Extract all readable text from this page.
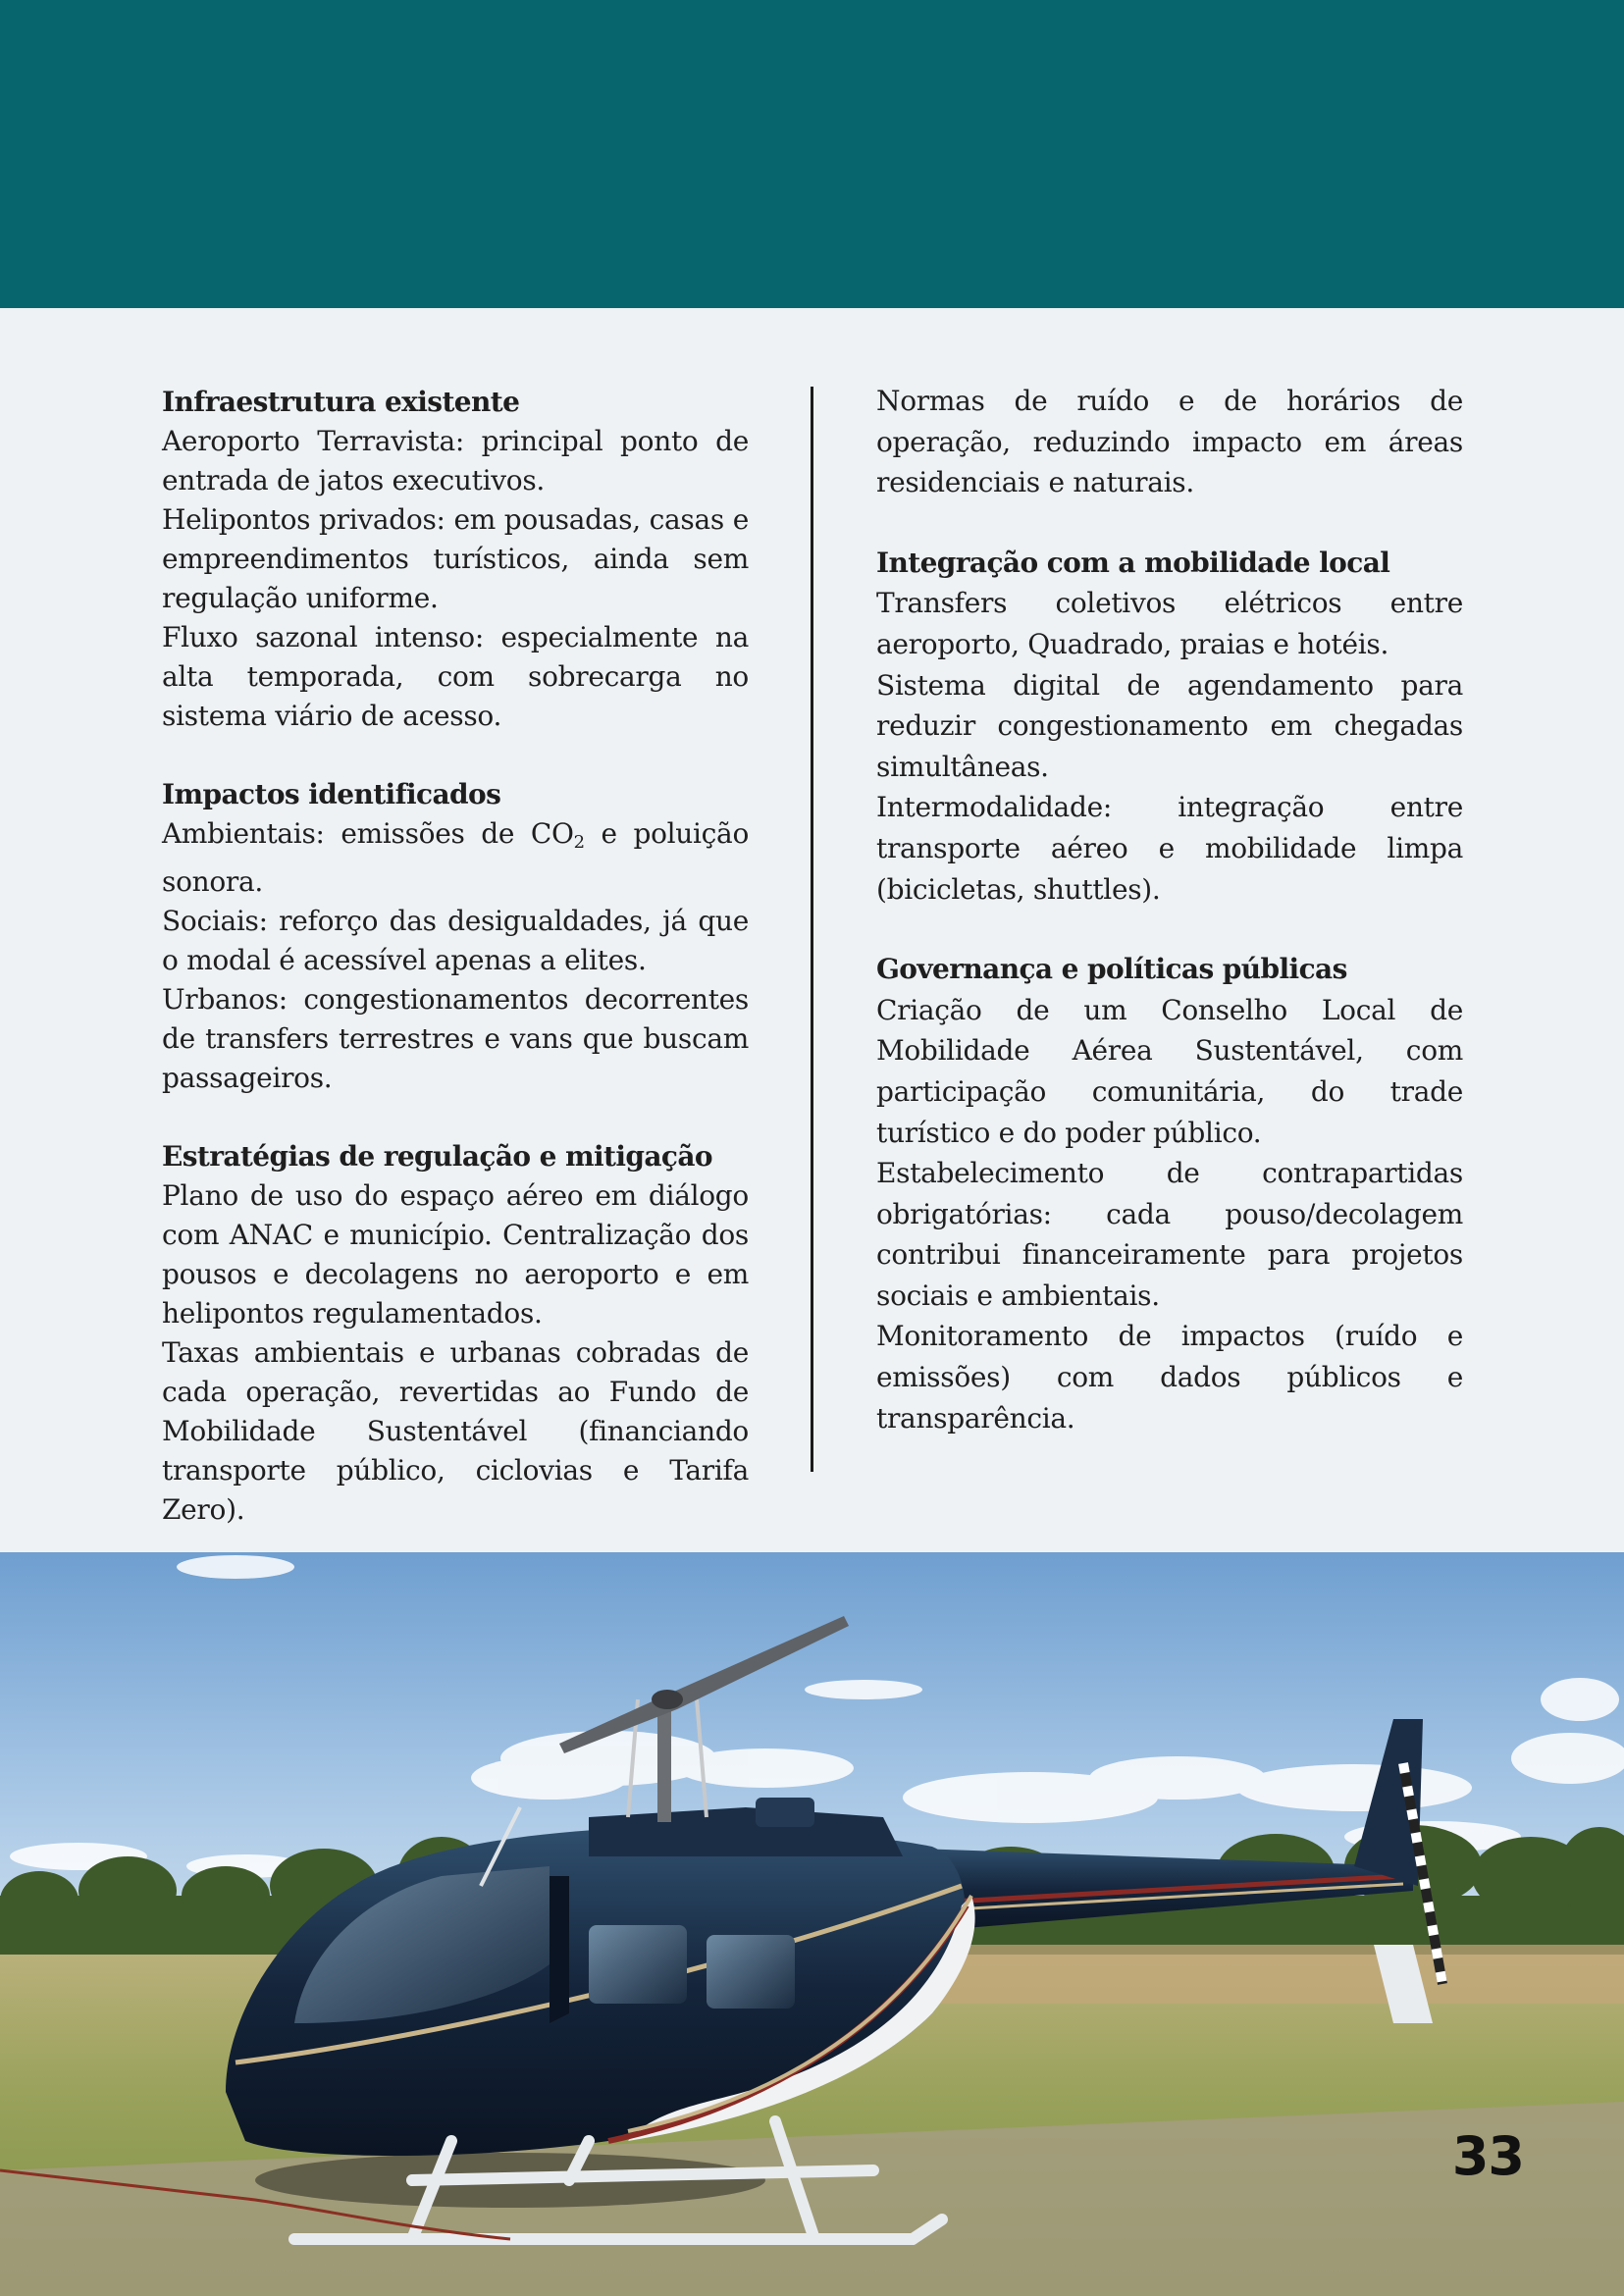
Infraestrutura existente

Aeroporto Terravista: principal ponto de entrada de jatos executivos.

Helipontos privados: em pousadas, casas e empreendimentos turísticos, ainda sem regulação uniforme.

Fluxo sazonal intenso: especialmente na alta temporada, com sobrecarga no sistema viário de acesso.

Impactos identificados

Ambientais: emissões de CO2 e poluição sonora.

Sociais: reforço das desigualdades, já que o modal é acessível apenas a elites.

Urbanos: congestionamentos decorrentes de transfers terrestres e vans que buscam passageiros.

Estratégias de regulação e mitigação

Plano de uso do espaço aéreo em diálogo com ANAC e município. Centralização dos pousos e decolagens no aeroporto e em helipontos regulamentados.

Taxas ambientais e urbanas cobradas de cada operação, revertidas ao Fundo de Mobilidade Sustentável (financiando transporte público, ciclovias e Tarifa Zero).

Normas de ruído e de horários de operação, reduzindo impacto em áreas residenciais e naturais.

Integração com a mobilidade local

Transfers coletivos elétricos entre aeroporto, Quadrado, praias e hotéis.

Sistema digital de agendamento para reduzir congestionamento em chegadas simultâneas.

Intermodalidade: integração entre transporte aéreo e mobilidade limpa (bicicletas, shuttles).

Governança e políticas públicas

Criação de um Conselho Local de Mobilidade Aérea Sustentável, com participação comunitária, do trade turístico e do poder público.

Estabelecimento de contrapartidas obrigatórias: cada pouso/decolagem contribui financeiramente para projetos sociais e ambientais.

Monitoramento de impactos (ruído e emissões) com dados públicos e transparência.

33
